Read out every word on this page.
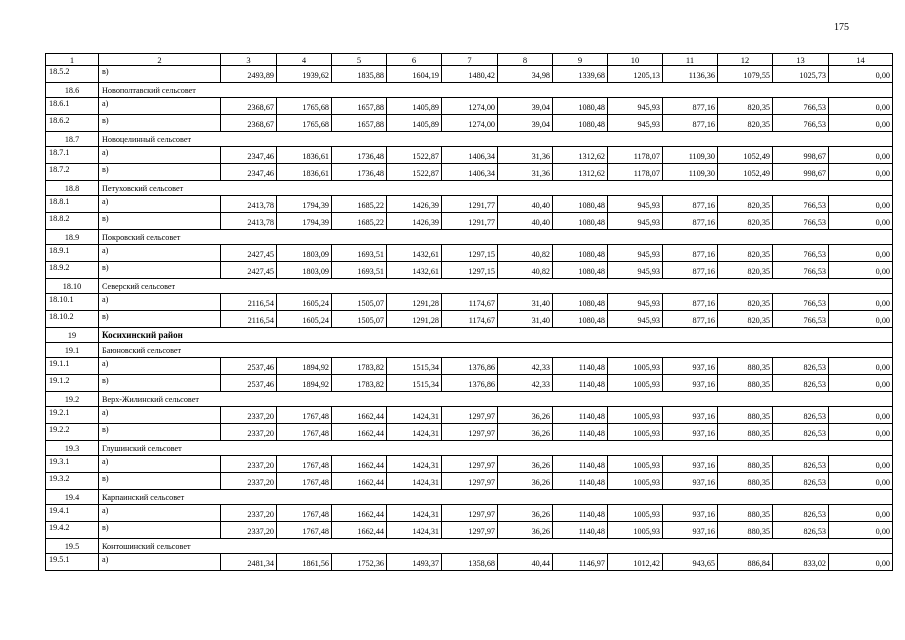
175
1	2	3	4	5	6	7	8	9	10	11	12	13	14
18.5.2	в)	2493,89	1939,62	1835,88	1604,19	1480,42	34,98	1339,68	1205,13	1136,36	1079,55	1025,73	0,00
18.6	Новополтавский сельсовет												
18.6.1	а)	2368,67	1765,68	1657,88	1405,89	1274,00	39,04	1080,48	945,93	877,16	820,35	766,53	0,00
18.6.2	в)	2368,67	1765,68	1657,88	1405,89	1274,00	39,04	1080,48	945,93	877,16	820,35	766,53	0,00
18.7	Новоцелинный сельсовет												
18.7.1	а)	2347,46	1836,61	1736,48	1522,87	1406,34	31,36	1312,62	1178,07	1109,30	1052,49	998,67	0,00
18.7.2	в)	2347,46	1836,61	1736,48	1522,87	1406,34	31,36	1312,62	1178,07	1109,30	1052,49	998,67	0,00
18.8	Петуховский сельсовет												
18.8.1	а)	2413,78	1794,39	1685,22	1426,39	1291,77	40,40	1080,48	945,93	877,16	820,35	766,53	0,00
18.8.2	в)	2413,78	1794,39	1685,22	1426,39	1291,77	40,40	1080,48	945,93	877,16	820,35	766,53	0,00
18.9	Покровский сельсовет												
18.9.1	а)	2427,45	1803,09	1693,51	1432,61	1297,15	40,82	1080,48	945,93	877,16	820,35	766,53	0,00
18.9.2	в)	2427,45	1803,09	1693,51	1432,61	1297,15	40,82	1080,48	945,93	877,16	820,35	766,53	0,00
18.10	Северский сельсовет												
18.10.1	а)	2116,54	1605,24	1505,07	1291,28	1174,67	31,40	1080,48	945,93	877,16	820,35	766,53	0,00
18.10.2	в)	2116,54	1605,24	1505,07	1291,28	1174,67	31,40	1080,48	945,93	877,16	820,35	766,53	0,00
19	Косихинский район												
19.1	Баюновский сельсовет												
19.1.1	а)	2537,46	1894,92	1783,82	1515,34	1376,86	42,33	1140,48	1005,93	937,16	880,35	826,53	0,00
19.1.2	в)	2537,46	1894,92	1783,82	1515,34	1376,86	42,33	1140,48	1005,93	937,16	880,35	826,53	0,00
19.2	Верх-Жилинский сельсовет												
19.2.1	а)	2337,20	1767,48	1662,44	1424,31	1297,97	36,26	1140,48	1005,93	937,16	880,35	826,53	0,00
19.2.2	в)	2337,20	1767,48	1662,44	1424,31	1297,97	36,26	1140,48	1005,93	937,16	880,35	826,53	0,00
19.3	Глушинский сельсовет												
19.3.1	а)	2337,20	1767,48	1662,44	1424,31	1297,97	36,26	1140,48	1005,93	937,16	880,35	826,53	0,00
19.3.2	в)	2337,20	1767,48	1662,44	1424,31	1297,97	36,26	1140,48	1005,93	937,16	880,35	826,53	0,00
19.4	Карпаинский сельсовет												
19.4.1	а)	2337,20	1767,48	1662,44	1424,31	1297,97	36,26	1140,48	1005,93	937,16	880,35	826,53	0,00
19.4.2	в)	2337,20	1767,48	1662,44	1424,31	1297,97	36,26	1140,48	1005,93	937,16	880,35	826,53	0,00
19.5	Контошинский сельсовет												
19.5.1	а)	2481,34	1861,56	1752,36	1493,37	1358,68	40,44	1146,97	1012,42	943,65	886,84	833,02	0,00
